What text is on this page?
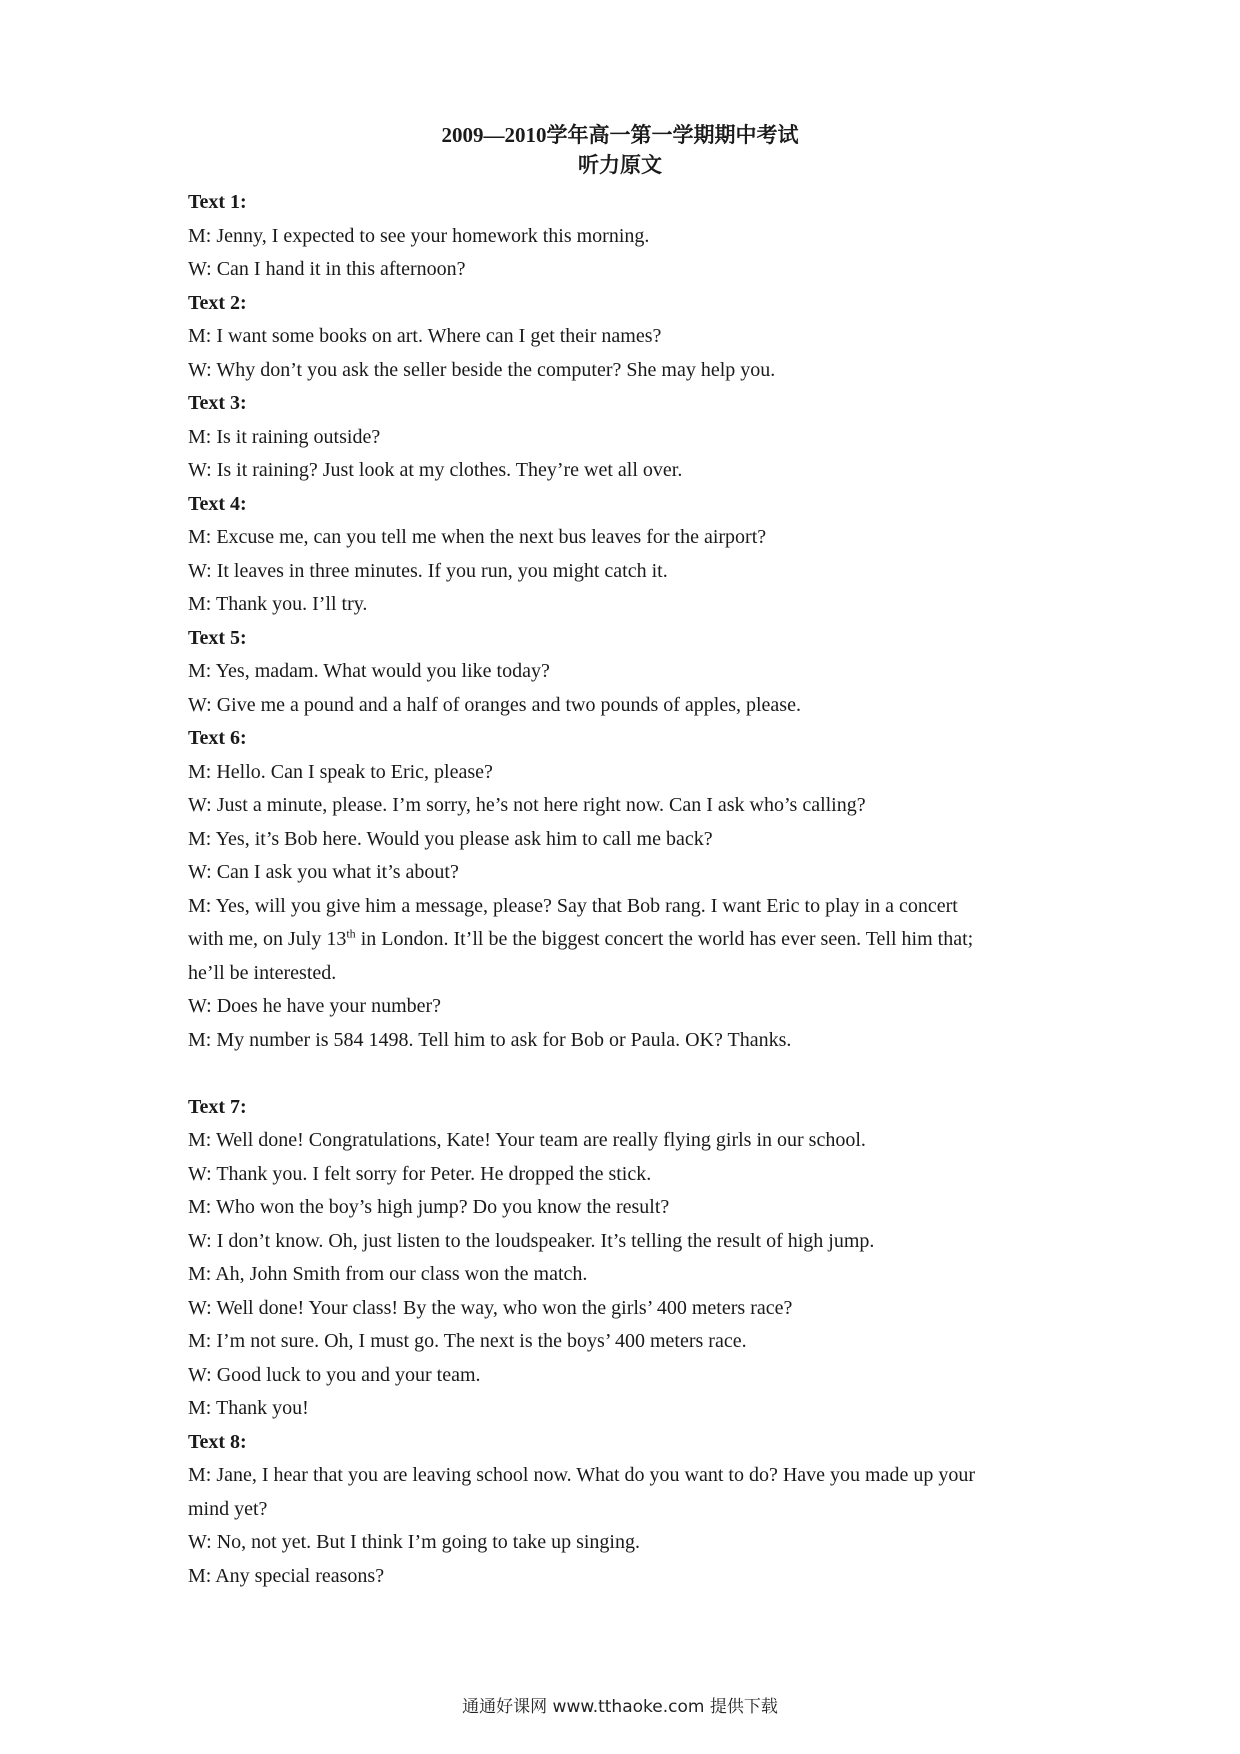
2009—2010学年高一第一学期期中考试
听力原文
Text 1:
M: Jenny, I expected to see your homework this morning.
W: Can I hand it in this afternoon?
Text 2:
M: I want some books on art. Where can I get their names?
W: Why don’t you ask the seller beside the computer? She may help you.
Text 3:
M: Is it raining outside?
W: Is it raining? Just look at my clothes. They’re wet all over.
Text 4:
M: Excuse me, can you tell me when the next bus leaves for the airport?
W: It leaves in three minutes. If you run, you might catch it.
M: Thank you. I’ll try.
Text 5:
M: Yes, madam. What would you like today?
W: Give me a pound and a half of oranges and two pounds of apples, please.
Text 6:
M: Hello. Can I speak to Eric, please?
W: Just a minute, please. I’m sorry, he’s not here right now. Can I ask who’s calling?
M: Yes, it’s Bob here. Would you please ask him to call me back?
W: Can I ask you what it’s about?
M: Yes, will you give him a message, please? Say that Bob rang. I want Eric to play in a concert
with me, on July 13th in London. It’ll be the biggest concert the world has ever seen. Tell him that;
he’ll be interested.
W: Does he have your number?
M: My number is 584 1498. Tell him to ask for Bob or Paula. OK? Thanks.
Text 7:
M: Well done! Congratulations, Kate! Your team are really flying girls in our school.
W: Thank you. I felt sorry for Peter. He dropped the stick.
M: Who won the boy’s high jump? Do you know the result?
W: I don’t know. Oh, just listen to the loudspeaker. It’s telling the result of high jump.
M: Ah, John Smith from our class won the match.
W: Well done! Your class! By the way, who won the girls’ 400 meters race?
M: I’m not sure. Oh, I must go. The next is the boys’ 400 meters race.
W: Good luck to you and your team.
M: Thank you!
Text 8:
M: Jane, I hear that you are leaving school now. What do you want to do? Have you made up your
mind yet?
W: No, not yet. But I think I’m going to take up singing.
M: Any special reasons?
通通好课网 www.tthaoke.com 提供下载
